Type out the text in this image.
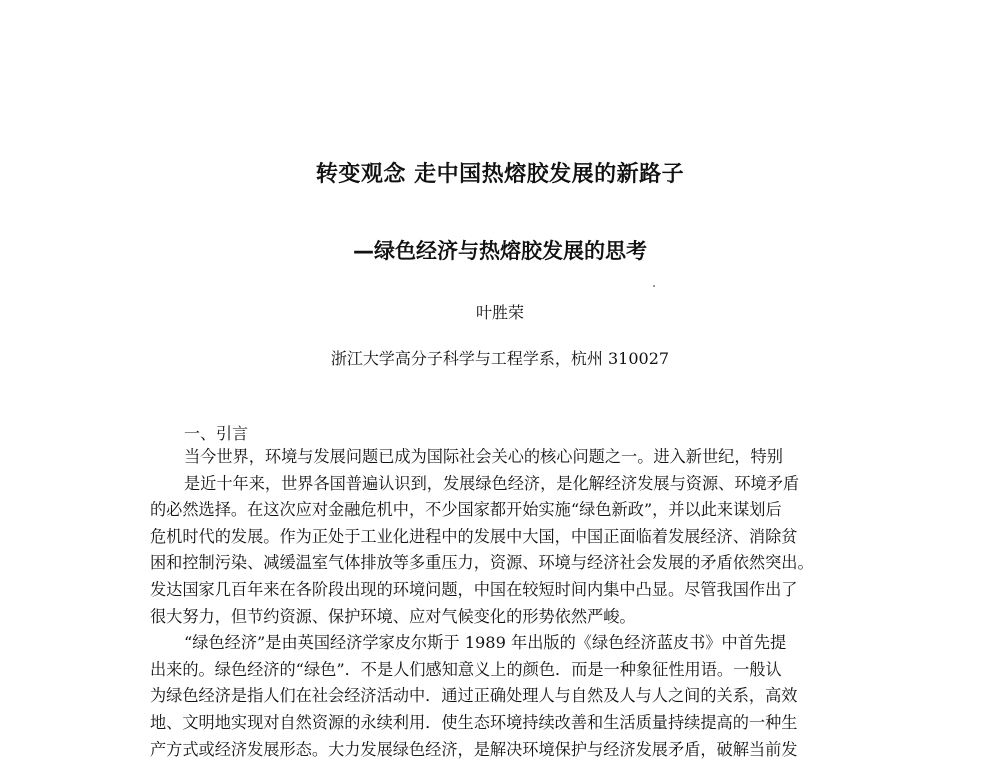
转变观念 走中国热熔胶发展的新路子
—绿色经济与热熔胶发展的思考
叶胜荣
浙江大学高分子科学与工程学系，杭州 310027
一、引言
当今世界，环境与发展问题已成为国际社会关心的核心问题之一。进入新世纪，特别
是近十年来，世界各国普遍认识到，发展绿色经济，是化解经济发展与资源、环境矛盾
的必然选择。在这次应对金融危机中，不少国家都开始实施“绿色新政”，并以此来谋划后
危机时代的发展。作为正处于工业化进程中的发展中大国，中国正面临着发展经济、消除贫
困和控制污染、减缓温室气体排放等多重压力，资源、环境与经济社会发展的矛盾依然突出。
发达国家几百年来在各阶段出现的环境问题，中国在较短时间内集中凸显。尽管我国作出了
很大努力，但节约资源、保护环境、应对气候变化的形势依然严峻。
“绿色经济”是由英国经济学家皮尔斯于 1989 年出版的《绿色经济蓝皮书》中首先提
出来的。绿色经济的“绿色”．不是人们感知意义上的颜色．而是一种象征性用语。一般认
为绿色经济是指人们在社会经济活动中．通过正确处理人与自然及人与人之间的关系，高效
地、文明地实现对自然资源的永续利用．使生态环境持续改善和生活质量持续提高的一种生
产方式或经济发展形态。大力发展绿色经济，是解决环境保护与经济发展矛盾，破解当前发
